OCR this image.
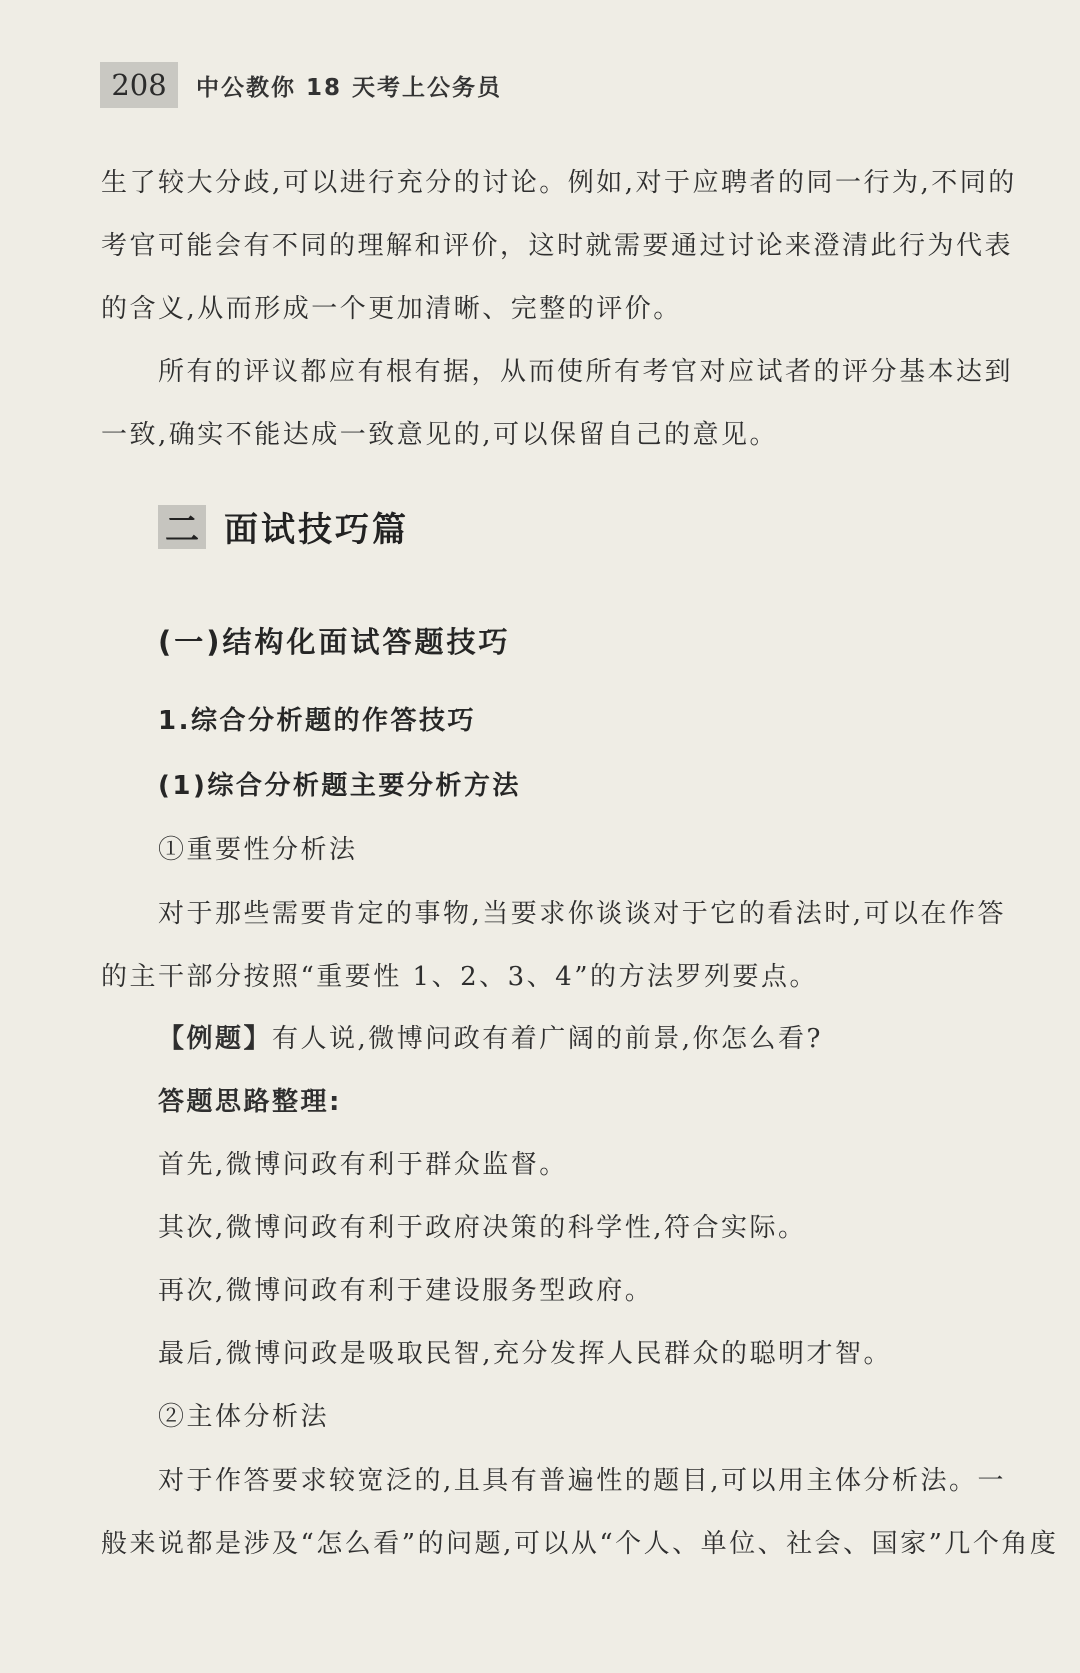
208	中公教你 18 天考上公务员
生了较大分歧,可以进行充分的讨论。例如,对于应聘者的同一行为,不同的
考官可能会有不同的理解和评价，这时就需要通过讨论来澄清此行为代表
的含义,从而形成一个更加清晰、完整的评价。
所有的评议都应有根有据，从而使所有考官对应试者的评分基本达到
一致,确实不能达成一致意见的,可以保留自己的意见。
二 面试技巧篇
(一)结构化面试答题技巧
1.综合分析题的作答技巧
(1)综合分析题主要分析方法
①重要性分析法
对于那些需要肯定的事物,当要求你谈谈对于它的看法时,可以在作答
的主干部分按照“重要性 1、2、3、4”的方法罗列要点。
【例题】有人说,微博问政有着广阔的前景,你怎么看?
答题思路整理:
首先,微博问政有利于群众监督。
其次,微博问政有利于政府决策的科学性,符合实际。
再次,微博问政有利于建设服务型政府。
最后,微博问政是吸取民智,充分发挥人民群众的聪明才智。
②主体分析法
对于作答要求较宽泛的,且具有普遍性的题目,可以用主体分析法。一
般来说都是涉及“怎么看”的问题,可以从“个人、单位、社会、国家”几个角度
